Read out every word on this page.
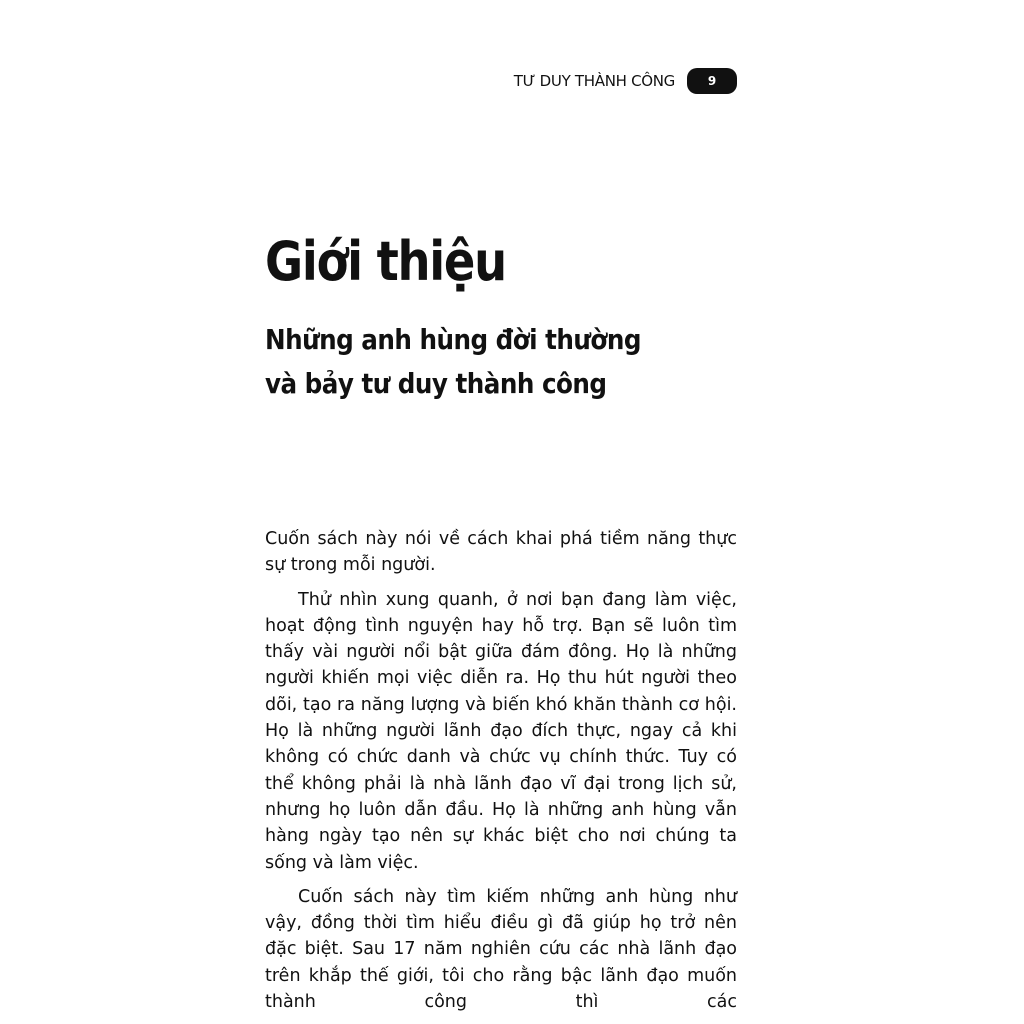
TƯ DUY THÀNH CÔNG	9
Giới thiệu
Những anh hùng đời thường
và bảy tư duy thành công

Cuốn sách này nói về cách khai phá tiềm năng thực sự trong mỗi người.

Thử nhìn xung quanh, ở nơi bạn đang làm việc, hoạt động tình nguyện hay hỗ trợ. Bạn sẽ luôn tìm thấy vài người nổi bật giữa đám đông. Họ là những người khiến mọi việc diễn ra. Họ thu hút người theo dõi, tạo ra năng lượng và biến khó khăn thành cơ hội. Họ là những người lãnh đạo đích thực, ngay cả khi không có chức danh và chức vụ chính thức. Tuy có thể không phải là nhà lãnh đạo vĩ đại trong lịch sử, nhưng họ luôn dẫn đầu. Họ là những anh hùng vẫn hàng ngày tạo nên sự khác biệt cho nơi chúng ta sống và làm việc.

Cuốn sách này tìm kiếm những anh hùng như vậy, đồng thời tìm hiểu điều gì đã giúp họ trở nên đặc biệt. Sau 17 năm nghiên cứu các nhà lãnh đạo trên khắp thế giới, tôi cho rằng bậc lãnh đạo muốn thành công thì các
